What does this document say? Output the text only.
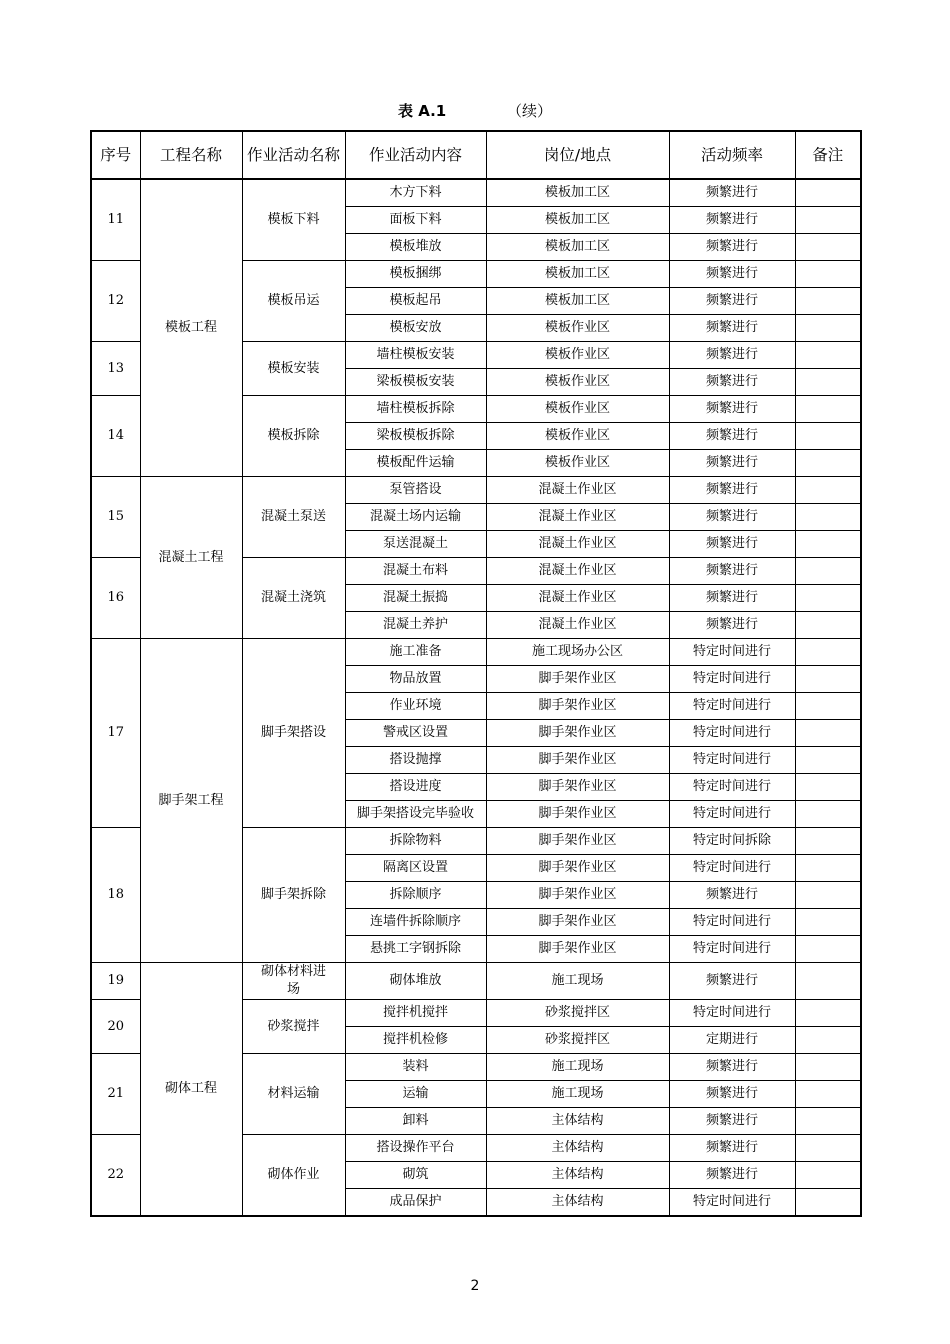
表 A.1	（续）
序号	工程名称	作业活动名称	作业活动内容	岗位/地点	活动频率	备注
11	模板工程	模板下料	木方下料	模板加工区	频繁进行	
			面板下料	模板加工区	频繁进行	
			模板堆放	模板加工区	频繁进行	
12		模板吊运	模板捆绑	模板加工区	频繁进行	
			模板起吊	模板加工区	频繁进行	
			模板安放	模板作业区	频繁进行	
13		模板安装	墙柱模板安装	模板作业区	频繁进行	
			梁板模板安装	模板作业区	频繁进行	
14		模板拆除	墙柱模板拆除	模板作业区	频繁进行	
			梁板模板拆除	模板作业区	频繁进行	
			模板配件运输	模板作业区	频繁进行	
15	混凝土工程	混凝土泵送	泵管搭设	混凝土作业区	频繁进行	
			混凝土场内运输	混凝土作业区	频繁进行	
			泵送混凝土	混凝土作业区	频繁进行	
16		混凝土浇筑	混凝土布料	混凝土作业区	频繁进行	
			混凝土振捣	混凝土作业区	频繁进行	
			混凝土养护	混凝土作业区	频繁进行	
17	脚手架工程	脚手架搭设	施工准备	施工现场办公区	特定时间进行	
			物品放置	脚手架作业区	特定时间进行	
			作业环境	脚手架作业区	特定时间进行	
			警戒区设置	脚手架作业区	特定时间进行	
			搭设抛撑	脚手架作业区	特定时间进行	
			搭设进度	脚手架作业区	特定时间进行	
			脚手架搭设完毕验收	脚手架作业区	特定时间进行	
18		脚手架拆除	拆除物料	脚手架作业区	特定时间拆除	
			隔离区设置	脚手架作业区	特定时间进行	
			拆除顺序	脚手架作业区	频繁进行	
			连墙件拆除顺序	脚手架作业区	特定时间进行	
			悬挑工字钢拆除	脚手架作业区	特定时间进行	
19	砌体工程	砌体材料进场	砌体堆放	施工现场	频繁进行	
20		砂浆搅拌	搅拌机搅拌	砂浆搅拌区	特定时间进行	
			搅拌机检修	砂浆搅拌区	定期进行	
21		材料运输	装料	施工现场	频繁进行	
			运输	施工现场	频繁进行	
			卸料	主体结构	频繁进行	
22		砌体作业	搭设操作平台	主体结构	频繁进行	
			砌筑	主体结构	频繁进行	
			成品保护	主体结构	特定时间进行	
2
